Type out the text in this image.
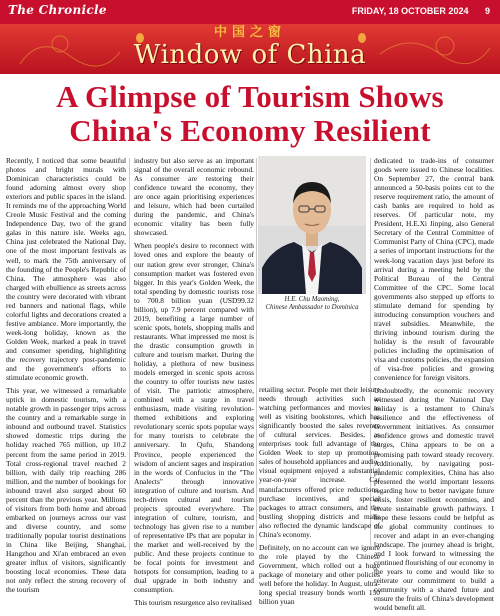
The Chronicle	FRIDAY, 18 OCTOBER 2024 9
中国之窗
Window of China
A Glimpse of Tourism Shows
China's Economy Resilient

Recently, I noticed that some beautiful photos and bright murals with Dominican characteristics could be found adorning almost every shop exteriors and public spaces in the island. It reminds me of the approaching World Creole Music Festival and the coming Independence Day, two of the grand galas in this nature isle. Weeks ago, China just celebrated the National Day, one of the most important festivals as well, to mark the 75th anniversary of the founding of the People's Republic of China. The atmosphere was also charged with ebullience as streets across the country were decorated with vibrant red banners and national flags, while colorful lights and decorations created a festive ambiance. More importantly, the week-long holiday, known as the Golden Week, marked a peak in travel and consumer spending, highlighting the recovery trajectory post-pandemic and the government's efforts to stimulate economic growth.

This year, we witnessed a remarkable uptick in domestic tourism, with a notable growth in passenger trips across the country and a remarkable surge in inbound and outbound travel. Statistics showed domestic trips during the holiday reached 765 million, up 10.2 percent from the same period in 2019. Total cross-regional travel reached 2 billion, with daily trip reaching 286 million, and the number of bookings for inbound travel also surged about 60 percent than the previous year. Millions of visitors from both home and abroad embarked on journeys across our vast and diverse country, and some traditionally popular tourist destinations in China like Beijing, Shanghai, Hangzhou and Xi'an embraced an even greater influx of visitors, significantly boosting local economies. These data not only reflect the strong recovery of the tourism

industry but also serve as an important signal of the overall economic rebound. As consumer are restoring their confidence toward the economy, they are once again prioritising experiences and leisure, which had been curtailed during the pandemic, and China's economic vitality has been fully showcased.

When people's desire to reconnect with loved ones and explore the beauty of our nation grew ever stronger, China's consumption market was fostered even bigger. In this year's Golden Week, the total spending by domestic tourists rose to 700.8 billion yuan (USD99.32 billion), up 7.9 percent compared with 2019, benefiting a large number of scenic spots, hotels, shopping malls and restaurants. What impressed me most is the drastic consumption growth in culture and tourism market. During the holiday, a plethora of new business models emerged in scenic spots across the country to offer tourists new tastes of visit. The patriotic atmosphere, combined with a surge in travel enthusiasm, made visiting revolution-themed exhibitions and exploring revolutionary scenic spots popular ways for many tourists to celebrate the anniversary. In Qufu, Shandong Province, people experienced the wisdom of ancient sages and inspiration in the words of Confucius in the "The Analects" through innovative integration of culture and tourism. And tech-driven cultural and tourism projects sprouted everywhere. The integration of culture, tourism, and technology has given rise to a number of representative IPs that are popular in the market and well-received by the public. And these projects continue to be focal points for investment and hotspots for consumption, leading to a dual upgrade in both industry and consumption.

This tourism resurgence also revitalised

H.E. Chu Maoming,
Chinese Ambassador to Dominica

retailing sector. People met their leisure needs through activities such as watching performances and movies as well as visiting bookstores, which has significantly boosted the sales revenue of cultural services. Besides, as enterprises took full advantage of the Golden Week to step up promotion, sales of household appliances and audio-visual equipment enjoyed a substantial year-on-year increase. Car manufacturers offered price reductions, purchase incentives, and special packages to attract consumers, and the bustling shopping districts and malls also reflected the dynamic landscape of China's economy.

Definitely, on no account can we ignore the role played by the Chinese Government, which rolled out a huge package of monetary and other policies well before the holiday. In August, ultra-long special treasury bonds worth 150 billion yuan

dedicated to trade-ins of consumer goods were issued to Chinese localities. On September 27, the central bank announced a 50-basis points cut to the reserve requirement ratio, the amount of cash banks are required to hold as reserves. Of particular note, my President, H.E.Xi Jinping, also General Secretary of the Central Committee of Communist Party of China (CPC), made a series of important instructions for the week-long vacation days just before its arrival during a meeting held by the Political Bureau of the Central Committee of the CPC. Some local governments also stepped up efforts to stimulate demand for spending by introducing consumption vouchers and travel subsidies. Meanwhile, the thriving inbound tourism during the holiday is the result of favourable policies including the optimisation of visa and customs policies, the expansion of visa-free policies and growing convenience for foreign visitors.

Undoubtedly, the economic recovery witnessed during the National Day holiday is a testament to China's resilience and the effectiveness of Government initiatives. As consumer confidence grows and domestic travel surges, China appears to be on a promising path toward steady recovery. Additionally, by navigating post-pandemic complexities, China has also presented the world important lessons regarding how to better navigate future crisis, foster resilient economies, and create sustainable growth pathways. I hope these lessons could be helpful as the global community continues to recover and adapt in an ever-changing landscape. The journey ahead is bright, and I look forward to witnessing the continued flourishing of our economy in the years to come and would like to reiterate our commitment to build a community with a shared future and ensure the fruits of China's development would benefit all.
